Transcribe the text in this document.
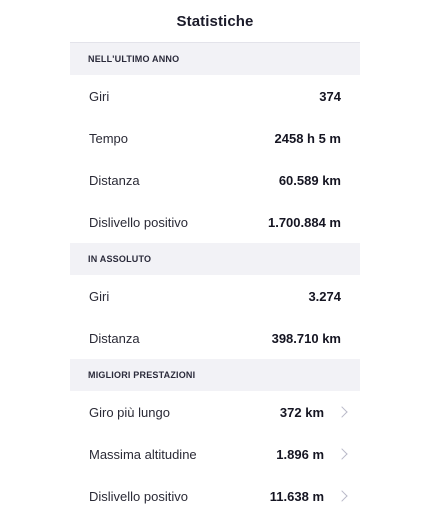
Statistiche
NELL'ULTIMO ANNO
Giri	374
Tempo	2458 h 5 m
Distanza	60.589 km
Dislivello positivo	1.700.884 m
IN ASSOLUTO
Giri	3.274
Distanza	398.710 km
MIGLIORI PRESTAZIONI
Giro più lungo	372 km
Massima altitudine	1.896 m
Dislivello positivo	11.638 m
